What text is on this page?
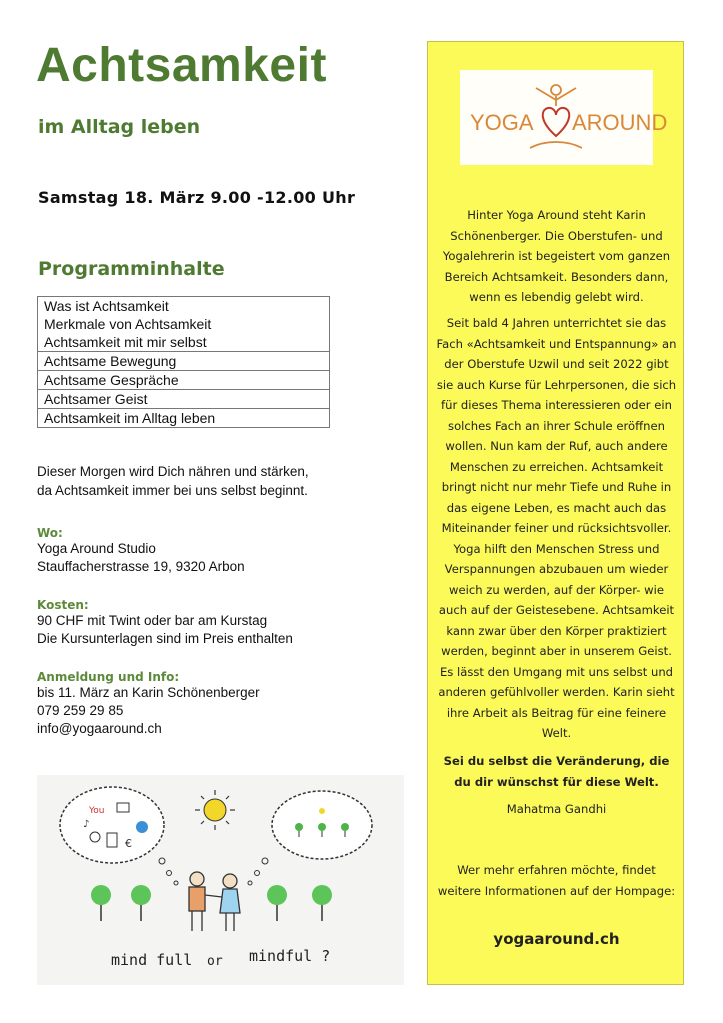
Achtsamkeit
im Alltag leben
Samstag 18. März 9.00 -12.00 Uhr
Programminhalte
Was ist Achtsamkeit
Merkmale von Achtsamkeit
Achtsamkeit mit mir selbst
Achtsame Bewegung
Achtsame Gespräche
Achtsamer Geist
Achtsamkeit im Alltag leben
Dieser Morgen wird Dich nähren und stärken,
da Achtsamkeit immer bei uns selbst beginnt.
Wo:
Yoga Around Studio
Stauffacherstrasse 19, 9320 Arbon
Kosten:
90 CHF mit Twint oder bar am Kurstag
Die Kursunterlagen sind im Preis enthalten
Anmeldung und Info:
bis 11. März an Karin Schönenberger
079 259 29 85
info@yogaaround.ch
You
€
♪
mind full or mindful ?
YOGA AROUND
Hinter Yoga Around steht Karin Schönenberger. Die Oberstufen- und Yogalehrerin ist begeistert vom ganzen Bereich Achtsamkeit. Besonders dann, wenn es lebendig gelebt wird.
Seit bald 4 Jahren unterrichtet sie das Fach «Achtsamkeit und Entspannung» an der Oberstufe Uzwil und seit 2022 gibt sie auch Kurse für Lehrpersonen, die sich für dieses Thema interessieren oder ein solches Fach an ihrer Schule eröffnen wollen. Nun kam der Ruf, auch andere Menschen zu erreichen. Achtsamkeit bringt nicht nur mehr Tiefe und Ruhe in das eigene Leben, es macht auch das Miteinander feiner und rücksichtsvoller. Yoga hilft den Menschen Stress und Verspannungen abzubauen um wieder weich zu werden, auf der Körper- wie auch auf der Geistesebene. Achtsamkeit kann zwar über den Körper praktiziert werden, beginnt aber in unserem Geist. Es lässt den Umgang mit uns selbst und anderen gefühlvoller werden. Karin sieht ihre Arbeit als Beitrag für eine feinere Welt.
Sei du selbst die Veränderung, die du dir wünschst für diese Welt.
Mahatma Gandhi
Wer mehr erfahren möchte, findet weitere Informationen auf der Hompage:
yogaaround.ch
